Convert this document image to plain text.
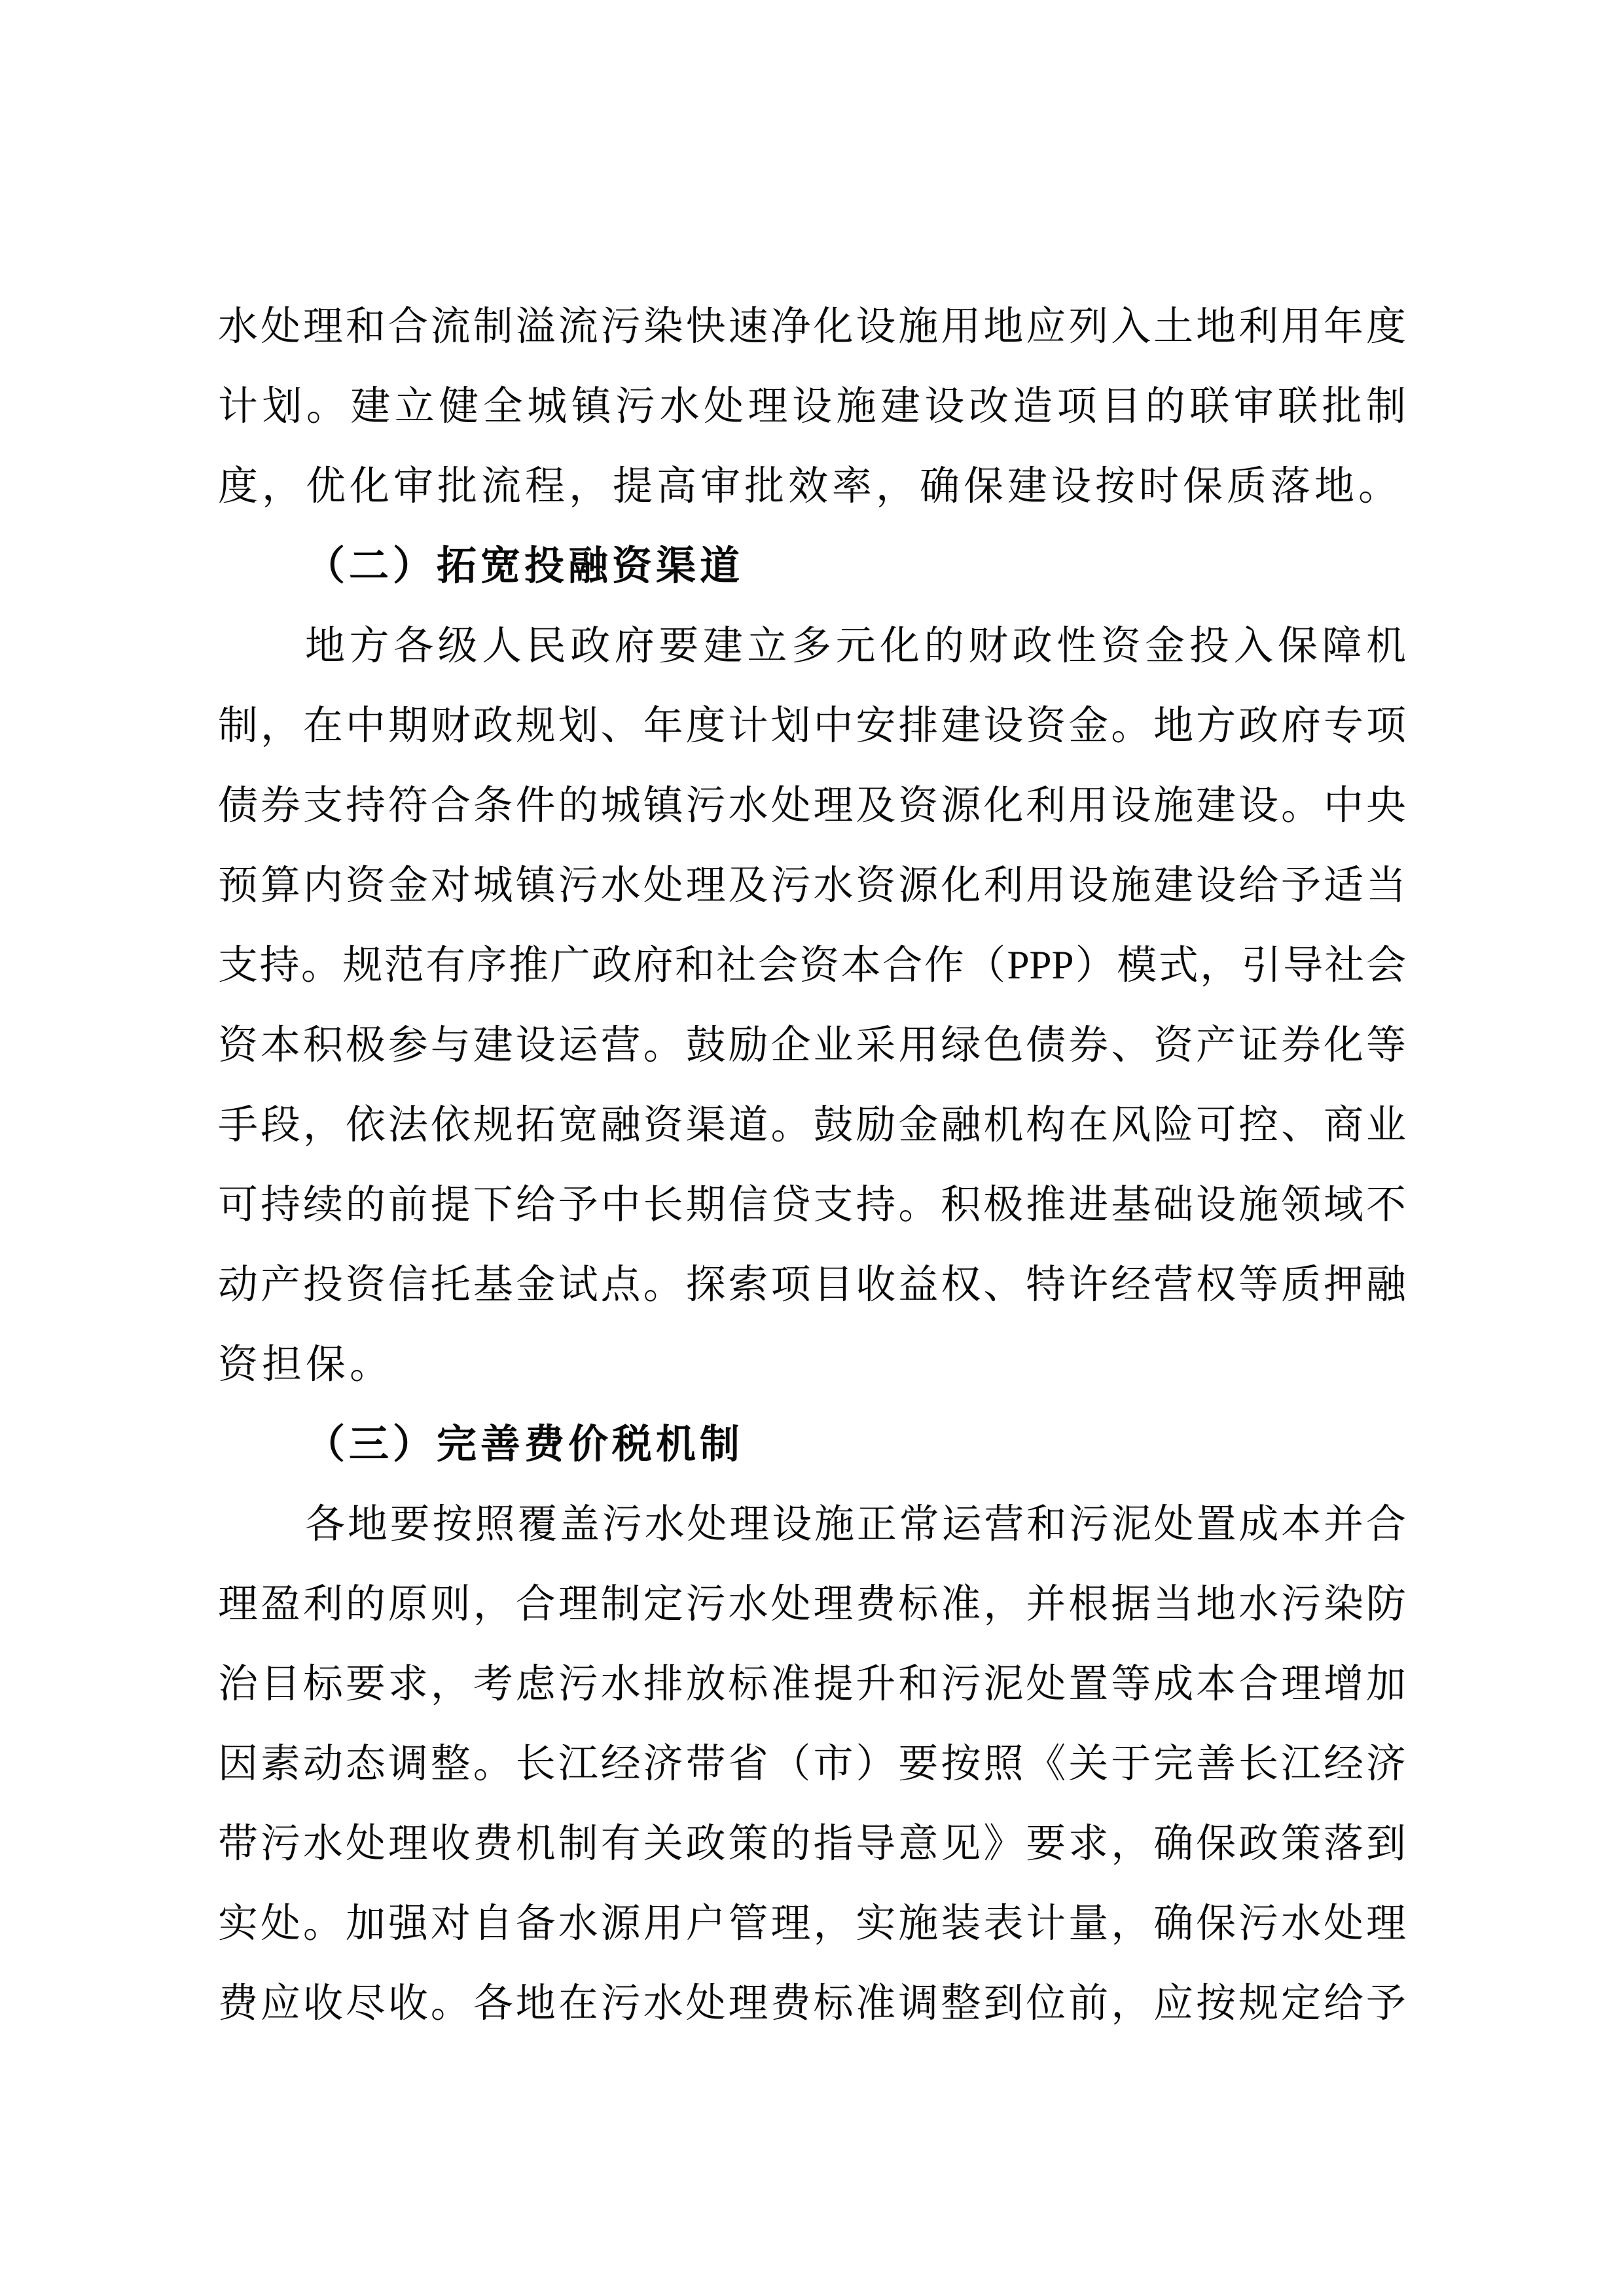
水处理和合流制溢流污染快速净化设施用地应列入土地利用年度
计划。建立健全城镇污水处理设施建设改造项目的联审联批制
度，优化审批流程，提高审批效率，确保建设按时保质落地。
（二）拓宽投融资渠道
地方各级人民政府要建立多元化的财政性资金投入保障机
制，在中期财政规划、年度计划中安排建设资金。地方政府专项
债券支持符合条件的城镇污水处理及资源化利用设施建设。中央
预算内资金对城镇污水处理及污水资源化利用设施建设给予适当
支持。规范有序推广政府和社会资本合作（PPP）模式，引导社会
资本积极参与建设运营。鼓励企业采用绿色债券、资产证券化等
手段，依法依规拓宽融资渠道。鼓励金融机构在风险可控、商业
可持续的前提下给予中长期信贷支持。积极推进基础设施领域不
动产投资信托基金试点。探索项目收益权、特许经营权等质押融
资担保。
（三）完善费价税机制
各地要按照覆盖污水处理设施正常运营和污泥处置成本并合
理盈利的原则，合理制定污水处理费标准，并根据当地水污染防
治目标要求，考虑污水排放标准提升和污泥处置等成本合理增加
因素动态调整。长江经济带省（市）要按照《关于完善长江经济
带污水处理收费机制有关政策的指导意见》要求，确保政策落到
实处。加强对自备水源用户管理，实施装表计量，确保污水处理
费应收尽收。各地在污水处理费标准调整到位前，应按规定给予
